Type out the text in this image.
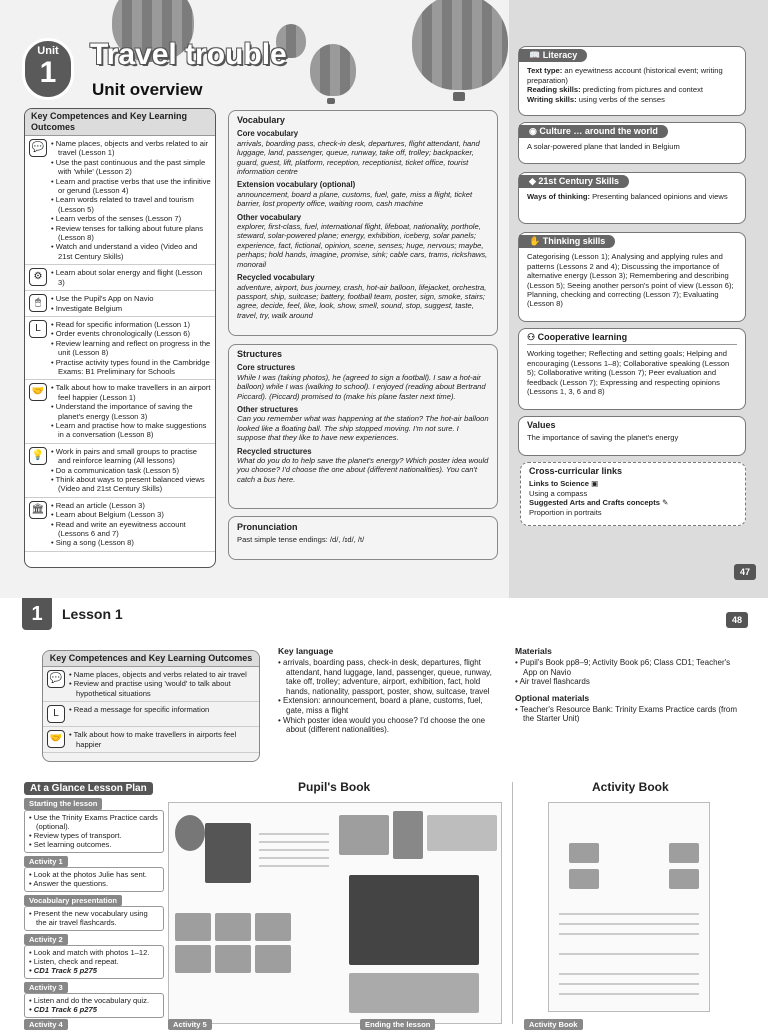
Unit
1
Travel trouble
Unit overview
Key Competences and Key Learning Outcomes
💬	• Name places, objects and verbs related to air travel (Lesson 1)
• Use the past continuous and the past simple with 'while' (Lesson 2)
• Learn and practise verbs that use the infinitive or gerund (Lesson 4)
• Learn words related to travel and tourism (Lesson 5)
• Learn verbs of the senses (Lesson 7)
• Review tenses for talking about future plans (Lesson 8)
• Watch and understand a video (Video and 21st Century Skills)
⚙	• Learn about solar energy and flight (Lesson 3)
🖱	• Use the Pupil's App on Navio
• Investigate Belgium
L	• Read for specific information (Lesson 1)
• Order events chronologically (Lesson 6)
• Review learning and reflect on progress in the unit (Lesson 8)
• Practise activity types found in the Cambridge Exams: B1 Preliminary for Schools
🤝	• Talk about how to make travellers in an airport feel happier (Lesson 1)
• Understand the importance of saving the planet's energy (Lesson 3)
• Learn and practise how to make suggestions in a conversation (Lesson 8)
💡	• Work in pairs and small groups to practise and reinforce learning (All lessons)
• Do a communication task (Lesson 5)
• Think about ways to present balanced views (Video and 21st Century Skills)
🏛	• Read an article (Lesson 3)
• Learn about Belgium (Lesson 3)
• Read and write an eyewitness account (Lessons 6 and 7)
• Sing a song (Lesson 8)
Vocabulary
Core vocabulary
arrivals, boarding pass, check-in desk, departures, flight attendant, hand luggage, land, passenger, queue, runway, take off, trolley; backpacker, guard, guest, lift, platform, reception, receptionist, ticket office, tourist information centre
Extension vocabulary (optional)
announcement, board a plane, customs, fuel, gate, miss a flight, ticket barrier, lost property office, waiting room, cash machine
Other vocabulary
explorer, first-class, fuel, international flight, lifeboat, nationality, porthole, steward, solar-powered plane; energy, exhibition, iceberg, solar panels; experience, fact, fictional, opinion, scene, senses; huge, nervous; maybe, perhaps; hold hands, imagine, promise, sink; cable cars, trams, rickshaws, monorail
Recycled vocabulary
adventure, airport, bus journey, crash, hot-air balloon, lifejacket, orchestra, passport, ship, suitcase; battery, football team, poster, sign, smoke, stairs; agree, decide, feel, like, look, show, smell, sound, stop, suggest, taste, travel, try, walk around
Structures
Core structures
While I was (taking photos), he (agreed to sign a football). I saw a hot-air balloon) while I was (walking to school). I enjoyed (reading about Bertrand Piccard). (Piccard) promised to (make his plane faster next time).
Other structures
Can you remember what was happening at the station? The hot-air balloon looked like a floating ball. The ship stopped moving. I'm not sure. I suppose that they like to have new experiences.
Recycled structures
What do you do to help save the planet's energy? Which poster idea would you choose? I'd choose the one about (different nationalities). You can't catch a bus here.
Pronunciation
Past simple tense endings: /d/, /ɪd/, /t/
📖 Literacy
Text type: an eyewitness account (historical event; writing preparation)
Reading skills: predicting from pictures and context
Writing skills: using verbs of the senses
◉ Culture … around the world
A solar-powered plane that landed in Belgium
◆ 21st Century Skills
Ways of thinking: Presenting balanced opinions and views
✋ Thinking skills
Categorising (Lesson 1); Analysing and applying rules and patterns (Lessons 2 and 4); Discussing the importance of alternative energy (Lesson 3); Remembering and describing (Lesson 5); Seeing another person's point of view (Lesson 6); Planning, checking and correcting (Lesson 7); Evaluating (Lesson 8)
⚇ Cooperative learning
Working together; Reflecting and setting goals; Helping and encouraging (Lessons 1–8); Collaborative speaking (Lesson 5); Collaborative writing (Lesson 7); Peer evaluation and feedback (Lesson 7); Expressing and respecting opinions (Lessons 1, 3, 6 and 8)
Values
The importance of saving the planet's energy
Cross-curricular links
Links to Science ▣
Using a compass
Suggested Arts and Crafts concepts ✎
Proportion in portraits
47
1	Lesson 1	48
Key Competences and Key Learning Outcomes
💬	• Name places, objects and verbs related to air travel
• Review and practise using 'would' to talk about hypothetical situations
L	• Read a message for specific information
🤝	• Talk about how to make travellers in airports feel happier
Key language
• arrivals, boarding pass, check-in desk, departures, flight attendant, hand luggage, land, passenger, queue, runway, take off, trolley; adventure, airport, exhibition, fact, hold hands, nationality, passport, poster, show, suitcase, travel
• Extension: announcement, board a plane, customs, fuel, gate, miss a flight
• Which poster idea would you choose? I'd choose the one about (different nationalities).
Materials
• Pupil's Book pp8–9; Activity Book p6; Class CD1; Teacher's App on Navio
• Air travel flashcards
Optional materials
• Teacher's Resource Bank: Trinity Exams Practice cards (from the Starter Unit)
At a Glance Lesson Plan
Starting the lesson
• Use the Trinity Exams Practice cards (optional).
• Review types of transport.
• Set learning outcomes.
Activity 1
• Look at the photos Julie has sent.
• Answer the questions.
Vocabulary presentation
• Present the new vocabulary using the air travel flashcards.
Activity 2
• Look and match with photos 1–12.
• Listen, check and repeat.
• CD1 Track 5 p275
Activity 3
• Listen and do the vocabulary quiz.
• CD1 Track 6 p275
Pupil's Book	Activity Book
Activity 4	Activity 5	Ending the lesson	Activity Book
